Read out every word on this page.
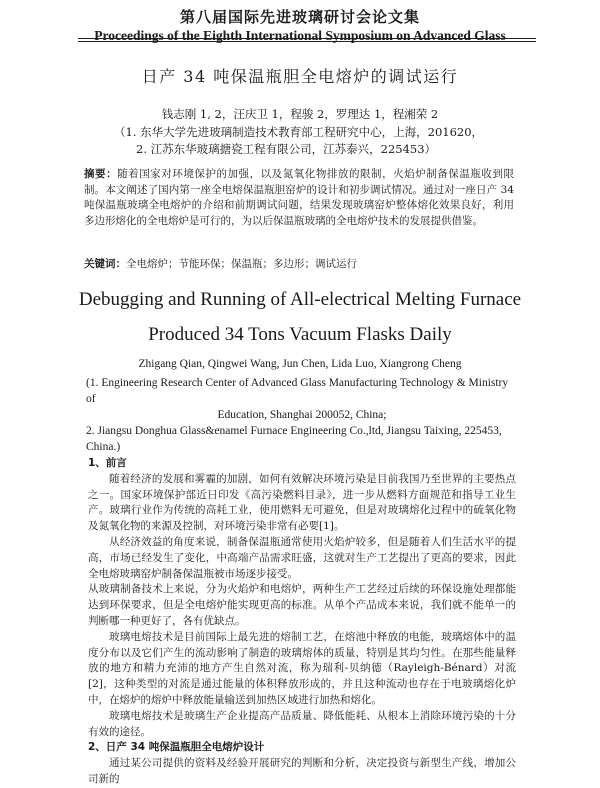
第八届国际先进玻璃研讨会论文集
Proceedings of the Eighth International Symposium on Advanced Glass
日产 34 吨保温瓶胆全电熔炉的调试运行
钱志刚 1, 2，汪庆卫 1，程骏 2，罗理达 1，程湘荣 2
（1. 东华大学先进玻璃制造技术教育部工程研究中心，上海，201620，
2. 江苏东华玻璃搪瓷工程有限公司，江苏泰兴，225453）
摘要：随着国家对环境保护的加强，以及氮氧化物排放的限制，火焰炉制备保温瓶收到限制。本文阐述了国内第一座全电熔保温瓶胆窑炉的设计和初步调试情况。通过对一座日产 34 吨保温瓶玻璃全电熔炉的介绍和前期调试问题，结果发现玻璃窑炉整体熔化效果良好，利用多边形熔化的全电熔炉是可行的，为以后保温瓶玻璃的全电熔炉技术的发展提供借鉴。
关键词：全电熔炉；节能环保；保温瓶；多边形；调试运行
Debugging and Running of All-electrical Melting Furnace
Produced 34 Tons Vacuum Flasks Daily
Zhigang Qian, Qingwei Wang, Jun Chen, Lida Luo, Xiangrong Cheng
(1. Engineering Research Center of Advanced Glass Manufacturing Technology & Ministry of
Education, Shanghai 200052, China;
2. Jiangsu Donghua Glass&enamel Furnace Engineering Co.,ltd, Jiangsu Taixing, 225453, China.)

1、前言

随着经济的发展和雾霾的加剧，如何有效解决环境污染是目前我国乃至世界的主要热点之一。国家环境保护部近日印发《高污染燃料目录》，进一步从燃料方面规范和指导工业生产。玻璃行业作为传统的高耗工业，使用燃料无可避免，但是对玻璃熔化过程中的硫氧化物及氮氧化物的来源及控制，对环境污染非常有必要[1]。

从经济效益的角度来说，制备保温瓶通常使用火焰炉较多，但是随着人们生活水平的提高，市场已经发生了变化，中高端产品需求旺盛，这就对生产工艺提出了更高的要求，因此全电熔玻璃窑炉制备保温瓶被市场逐步接受。

从玻璃制备技术上来说，分为火焰炉和电熔炉，两种生产工艺经过后续的环保设施处理都能达到环保要求，但是全电熔炉能实现更高的标准。从单个产品成本来说，我们就不能单一的判断哪一种更好了，各有优缺点。

玻璃电熔技术是目前国际上最先进的熔制工艺，在熔池中释放的电能，玻璃熔体中的温度分布以及它们产生的流动影响了制造的玻璃熔体的质量，特别是其均匀性。在那些能量释放的地方和精力充沛的地方产生自然对流，称为瑞利-贝纳德（Rayleigh-Bénard）对流[2]，这种类型的对流是通过能量的体积释放形成的，并且这种流动也存在于电玻璃熔化炉中，在熔炉的熔炉中释放能量输送到加热区域进行加热和熔化。

玻璃电熔技术是玻璃生产企业提高产品质量、降低能耗、从根本上消除环境污染的十分有效的途径。

2、日产 34 吨保温瓶胆全电熔炉设计

通过某公司提供的资料及经验开展研究的判断和分析，决定投资与新型生产线，增加公司新的
